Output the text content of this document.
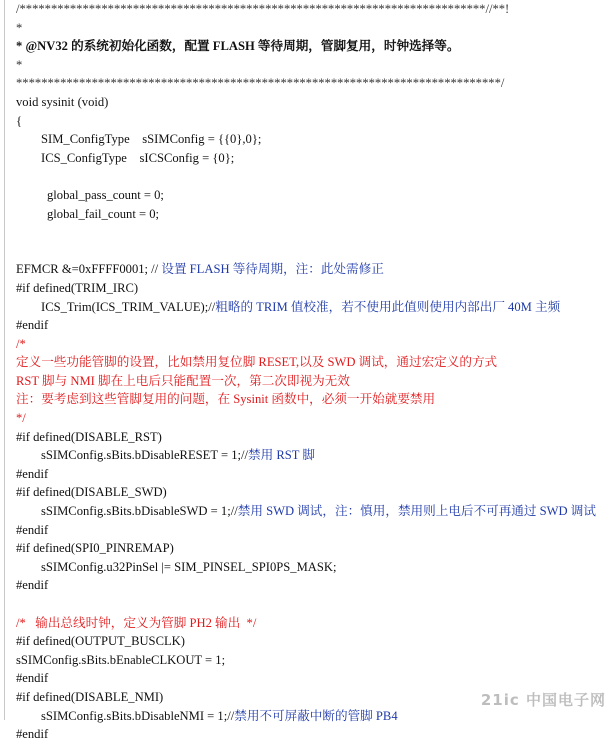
/**************************************************************************//**!
*
* @NV32 的系统初始化函数，配置 FLASH 等待周期，管脚复用，时钟选择等。
*
*****************************************************************************/
void sysinit (void)
{
SIM_ConfigType    sSIMConfig = {{0},0};
ICS_ConfigType    sICSConfig = {0};
global_pass_count = 0;
global_fail_count = 0;
EFMCR &=0xFFFF0001; // 设置 FLASH 等待周期，注：此处需修正
#if defined(TRIM_IRC)
ICS_Trim(ICS_TRIM_VALUE);//粗略的 TRIM 值校准，若不使用此值则使用内部出厂 40M 主频
#endif
/*
定义一些功能管脚的设置，比如禁用复位脚 RESET,以及 SWD 调试，通过宏定义的方式
RST 脚与 NMI 脚在上电后只能配置一次，第二次即视为无效
注：要考虑到这些管脚复用的问题，在 Sysinit 函数中，必须一开始就要禁用
*/
#if defined(DISABLE_RST)
sSIMConfig.sBits.bDisableRESET = 1;//禁用 RST 脚
#endif
#if defined(DISABLE_SWD)
sSIMConfig.sBits.bDisableSWD = 1;//禁用 SWD 调试，注：慎用，禁用则上电后不可再通过 SWD 调试
#endif
#if defined(SPI0_PINREMAP)
sSIMConfig.u32PinSel |= SIM_PINSEL_SPI0PS_MASK;
#endif
/*   输出总线时钟，定义为管脚 PH2 输出  */
#if defined(OUTPUT_BUSCLK)
sSIMConfig.sBits.bEnableCLKOUT = 1;
#endif
#if defined(DISABLE_NMI)
sSIMConfig.sBits.bDisableNMI = 1;//禁用不可屏蔽中断的管脚 PB4
#endif
21ic 中国电子网
